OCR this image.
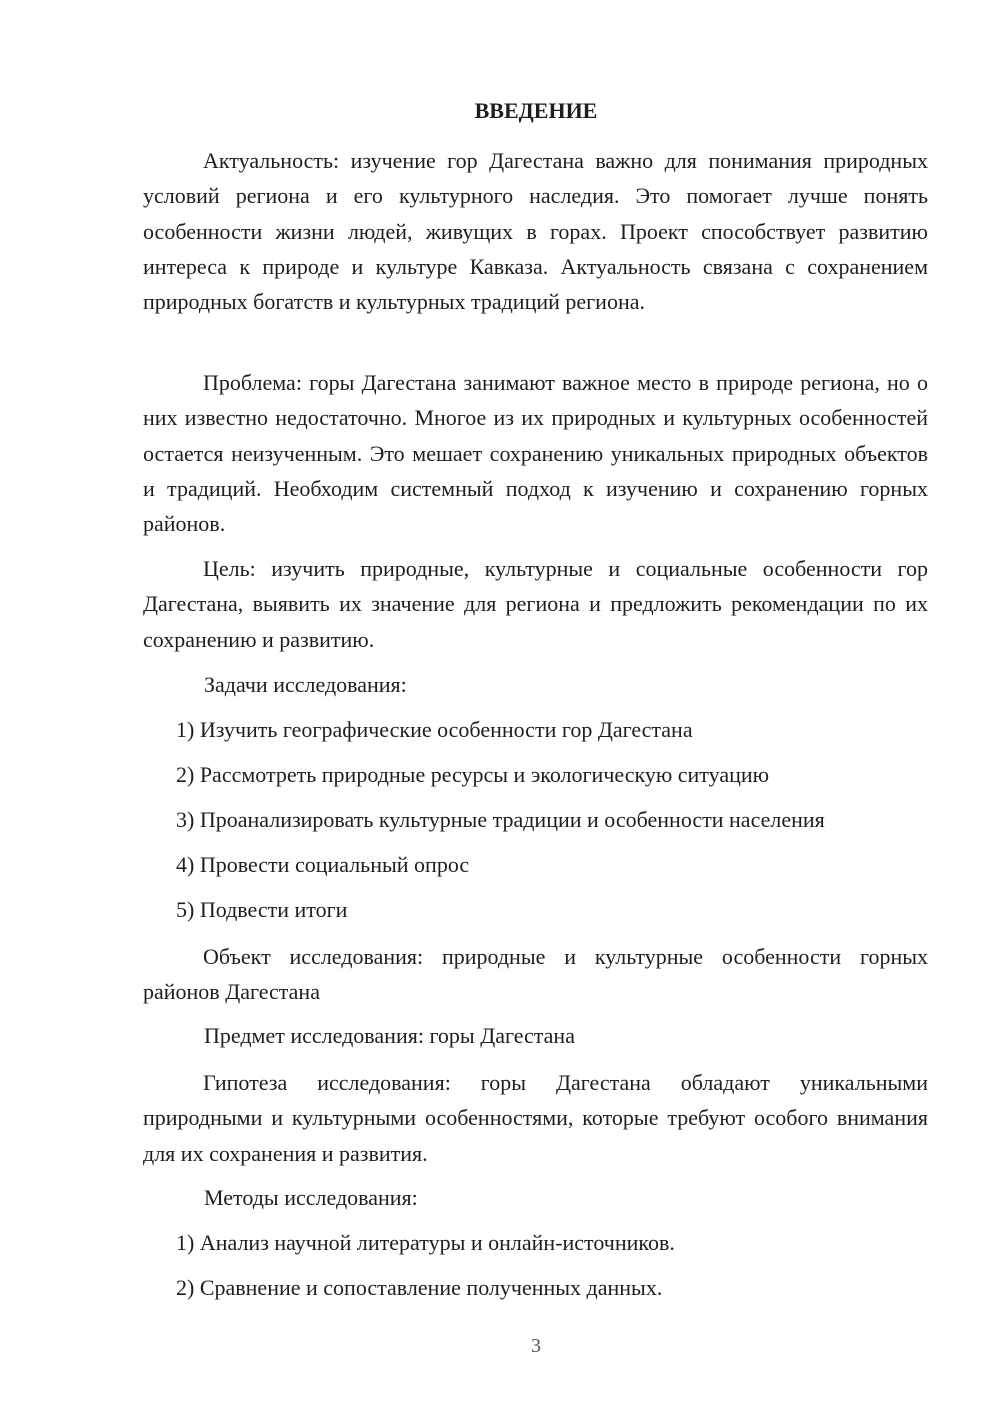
ВВЕДЕНИЕ

Актуальность: изучение гор Дагестана важно для понимания природных условий региона и его культурного наследия. Это помогает лучше понять особенности жизни людей, живущих в горах. Проект способствует развитию интереса к природе и культуре Кавказа. Актуальность связана с сохранением природных богатств и культурных традиций региона.

Проблема: горы Дагестана занимают важное место в природе региона, но о них известно недостаточно. Многое из их природных и культурных особенностей остается неизученным. Это мешает сохранению уникальных природных объектов и традиций. Необходим системный подход к изучению и сохранению горных районов.

Цель: изучить природные, культурные и социальные особенности гор Дагестана, выявить их значение для региона и предложить рекомендации по их сохранению и развитию.

Задачи исследования:

1) Изучить географические особенности гор Дагестана

2) Рассмотреть природные ресурсы и экологическую ситуацию

3) Проанализировать культурные традиции и особенности населения

4) Провести социальный опрос

5) Подвести итоги

Объект исследования: природные и культурные особенности горных районов Дагестана

Предмет исследования: горы Дагестана

Гипотеза исследования: горы Дагестана обладают уникальными природными и культурными особенностями, которые требуют особого внимания для их сохранения и развития.

Методы исследования:

1) Анализ научной литературы и онлайн-источников.

2) Сравнение и сопоставление полученных данных.

3
